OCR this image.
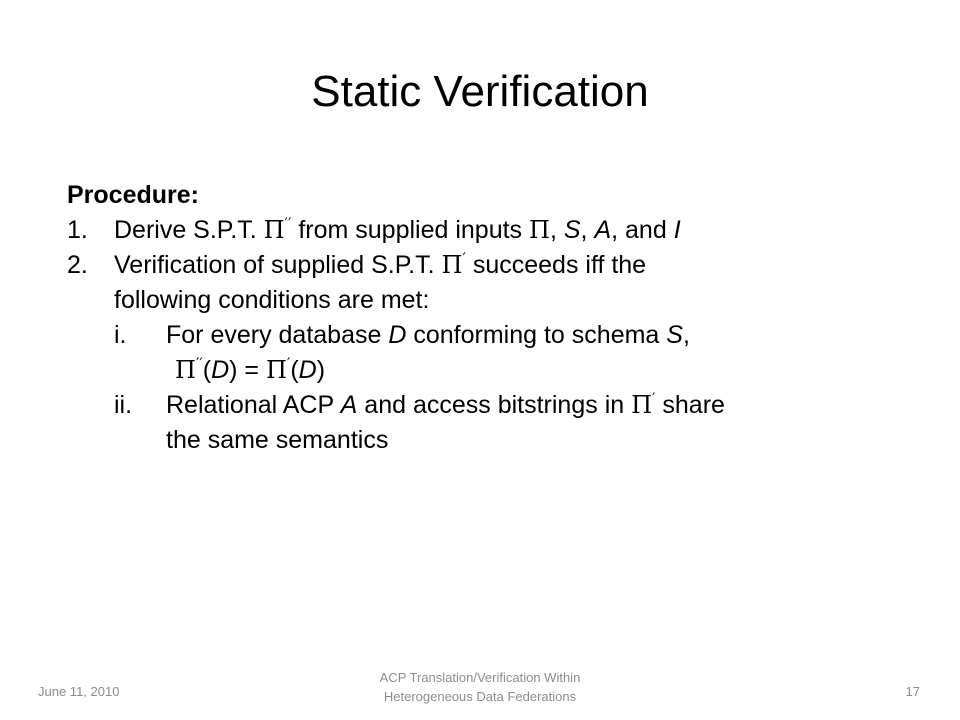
Static Verification
Procedure:
1. Derive S.P.T. Π′′ from supplied inputs Π, S, A, and I
2. Verification of supplied S.P.T. Π′ succeeds iff the
following conditions are met:
i. For every database D conforming to schema S,
Π′′(D) = Π′(D)
ii. Relational ACP A and access bitstrings in Π′ share
the same semantics
June 11, 2010
ACP Translation/Verification Within
Heterogeneous Data Federations	17
